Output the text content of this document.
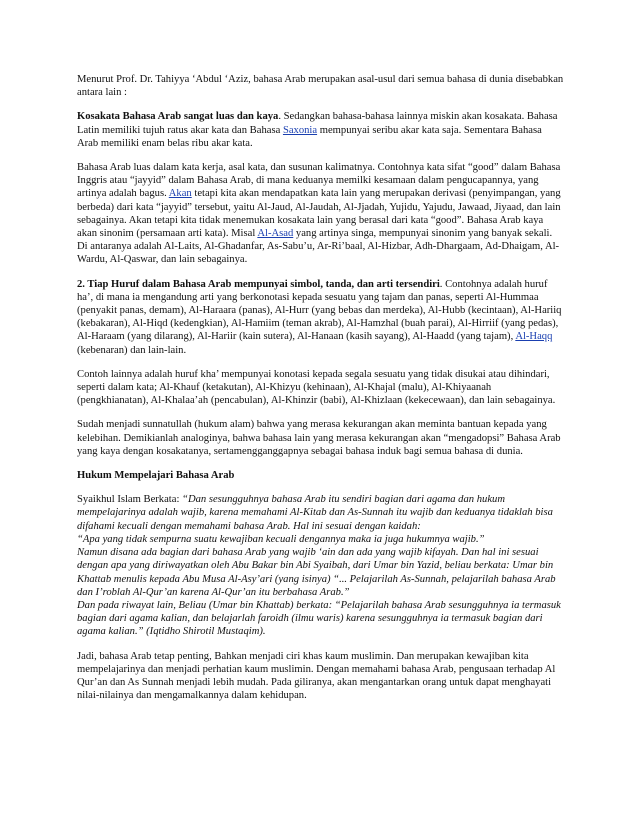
Menurut Prof. Dr. Tahiyya ‘Abdul ‘Aziz, bahasa Arab merupakan asal-usul dari semua bahasa di dunia disebabkan antara lain :

Kosakata Bahasa Arab sangat luas dan kaya. Sedangkan bahasa-bahasa lainnya miskin akan kosakata. Bahasa Latin memiliki tujuh ratus akar kata dan Bahasa Saxonia mempunyai seribu akar kata saja. Sementara Bahasa Arab memiliki enam belas ribu akar kata.

Bahasa Arab luas dalam kata kerja, asal kata, dan susunan kalimatnya. Contohnya kata sifat “good” dalam Bahasa Inggris atau “jayyid” dalam Bahasa Arab, di mana keduanya memilki kesamaan dalam pengucapannya, yang artinya adalah bagus. Akan tetapi kita akan mendapatkan kata lain yang merupakan derivasi (penyimpangan, yang berbeda) dari kata “jayyid” tersebut, yaitu Al-Jaud, Al-Jaudah, Al-Jjadah, Yujidu, Yajudu, Jawaad, Jiyaad, dan lain sebagainya. Akan tetapi kita tidak menemukan kosakata lain yang berasal dari kata “good”. Bahasa Arab kaya akan sinonim (persamaan arti kata). Misal Al-Asad yang artinya singa, mempunyai sinonim yang banyak sekali. Di antaranya adalah Al-Laits, Al-Ghadanfar, As-Sabu’u, Ar-Ri’baal, Al-Hizbar, Adh-Dhargaam, Ad-Dhaigam, Al-Wardu, Al-Qaswar, dan lain sebagainya.

2. Tiap Huruf dalam Bahasa Arab mempunyai simbol, tanda, dan arti tersendiri. Contohnya adalah huruf ha’, di mana ia mengandung arti yang berkonotasi kepada sesuatu yang tajam dan panas, seperti Al-Hummaa (penyakit panas, demam), Al-Haraara (panas), Al-Hurr (yang bebas dan merdeka), Al-Hubb (kecintaan), Al-Hariiq (kebakaran), Al-Hiqd (kedengkian), Al-Hamiim (teman akrab), Al-Hamzhal (buah parai), Al-Hirriif (yang pedas), Al-Haraam (yang dilarang), Al-Hariir (kain sutera), Al-Hanaan (kasih sayang), Al-Haadd (yang tajam), Al-Haqq (kebenaran) dan lain-lain.

Contoh lainnya adalah huruf kha’ mempunyai konotasi kepada segala sesuatu yang tidak disukai atau dihindari, seperti dalam kata; Al-Khauf (ketakutan), Al-Khizyu (kehinaan), Al-Khajal (malu), Al-Khiyaanah (pengkhianatan), Al-Khalaa’ah (pencabulan), Al-Khinzir (babi), Al-Khizlaan (kekecewaan), dan lain sebagainya.

Sudah menjadi sunnatullah (hukum alam) bahwa yang merasa kekurangan akan meminta bantuan kepada yang kelebihan. Demikianlah analoginya, bahwa bahasa lain yang merasa kekurangan akan “mengadopsi” Bahasa Arab yang kaya dengan kosakatanya, sertamengganggapnya sebagai bahasa induk bagi semua bahasa di dunia.

Hukum Mempelajari Bahasa Arab

Syaikhul Islam Berkata: “Dan sesungguhnya bahasa Arab itu sendiri bagian dari agama dan hukum mempelajarinya adalah wajib, karena memahami Al-Kitab dan As-Sunnah itu wajib dan keduanya tidaklah bisa difahami kecuali dengan memahami bahasa Arab. Hal ini sesuai dengan kaidah:
“Apa yang tidak sempurna suatu kewajiban kecuali dengannya maka ia juga hukumnya wajib.”
Namun disana ada bagian dari bahasa Arab yang wajib ‘ain dan ada yang wajib kifayah. Dan hal ini sesuai dengan apa yang diriwayatkan oleh Abu Bakar bin Abi Syaibah, dari Umar bin Yazid, beliau berkata: Umar bin Khattab menulis kepada Abu Musa Al-Asy’ari (yang isinya) “... Pelajarilah As-Sunnah, pelajarilah bahasa Arab dan I’roblah Al-Qur’an karena Al-Qur’an itu berbahasa Arab.”
Dan pada riwayat lain, Beliau (Umar bin Khattab) berkata: “Pelajarilah bahasa Arab sesungguhnya ia termasuk bagian dari agama kalian, dan belajarlah faroidh (ilmu waris) karena sesungguhnya ia termasuk bagian dari agama kalian.” (Iqtidho Shirotil Mustaqim).

Jadi, bahasa Arab tetap penting, Bahkan menjadi ciri khas kaum muslimin. Dan merupakan kewajiban kita mempelajarinya dan menjadi perhatian kaum muslimin. Dengan memahami bahasa Arab, pengusaan terhadap Al Qur’an dan As Sunnah menjadi lebih mudah. Pada giliranya, akan mengantarkan orang untuk dapat menghayati nilai-nilainya dan mengamalkannya dalam kehidupan.
